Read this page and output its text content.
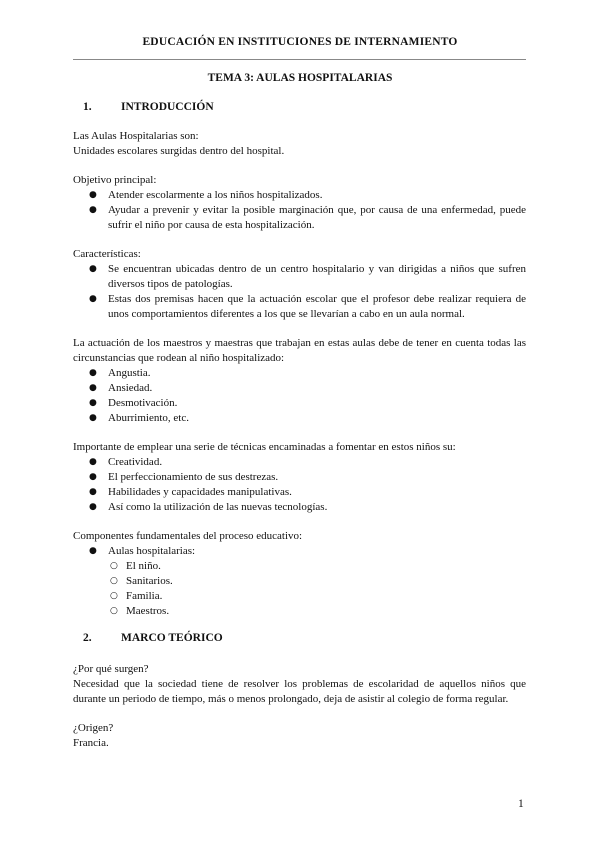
EDUCACIÓN EN INSTITUCIONES DE INTERNAMIENTO
TEMA 3: AULAS HOSPITALARIAS
1.	INTRODUCCIÓN

Las Aulas Hospitalarias son:

Unidades escolares surgidas dentro del hospital.

Objetivo principal:

● Atender escolarmente a los niños hospitalizados.
● Ayudar a prevenir y evitar la posible marginación que, por causa de una enfermedad, puede sufrir el niño por causa de esta hospitalización.

Características:

● Se encuentran ubicadas dentro de un centro hospitalario y van dirigidas a niños que sufren diversos tipos de patologías.
● Estas dos premisas hacen que la actuación escolar que el profesor debe realizar requiera de unos comportamientos diferentes a los que se llevarían a cabo en un aula normal.

La actuación de los maestros y maestras que trabajan en estas aulas debe de tener en cuenta todas las circunstancias que rodean al niño hospitalizado:

● Angustia.
● Ansiedad.
● Desmotivación.
● Aburrimiento, etc.

Importante de emplear una serie de técnicas encaminadas a fomentar en estos niños su:

● Creatividad.
● El perfeccionamiento de sus destrezas.
● Habilidades y capacidades manipulativas.
● Así como la utilización de las nuevas tecnologías.

Componentes fundamentales del proceso educativo:

● Aulas hospitalarias:
○ El niño.
○ Sanitarios.
○ Familia.
○ Maestros.
2.	MARCO TEÓRICO

¿Por qué surgen?

Necesidad que la sociedad tiene de resolver los problemas de escolaridad de aquellos niños que durante un periodo de tiempo, más o menos prolongado, deja de asistir al colegio de forma regular.

¿Origen?

Francia.

1
